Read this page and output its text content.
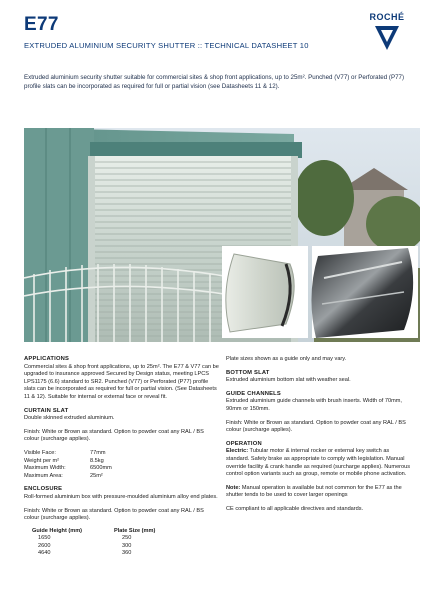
E77
EXTRUDED ALUMINIUM SECURITY SHUTTER :: TECHNICAL DATASHEET 10
ROCHÉ
Extruded aluminium security shutter suitable for commercial sites & shop front applications, up to 25m². Punched (V77) or Perforated (P77) profile slats can be incorporated as required for full or partial vision (see Datasheets 11 & 12).
APPLICATIONS

Commercial sites & shop front applications, up to 25m². The E77 & V77 can be upgraded to insurance approved Secured by Design status, meeting LPCS LPS1175 (6.6) standard to SR2. Punched (V77) or Perforated (P77) profile slats can be incorporated as required for full or partial vision. (See Datasheets 11 & 12). Suitable for internal or external face or reveal fit.

CURTAIN SLAT

Double skinned extruded aluminium.

Finish: White or Brown as standard. Option to powder coat any RAL / BS colour (surcharge applies).

Visible Face:	77mm
Weight per m²	8.5kg
Maximum Width:	6500mm
Maximum Area:	25m²
ENCLOSURE

Roll-formed aluminium box with pressure-moulded aluminium alloy end plates.

Finish: White or Brown as standard. Option to powder coat any RAL / BS colour (surcharge applies).

Guide Height (mm)	Plate Size (mm)
1650	250
2600	300
4640	360

Plate sizes shown as a guide only and may vary.

BOTTOM SLAT

Extruded aluminium bottom slat with weather seal.

GUIDE CHANNELS

Extruded aluminium guide channels with brush inserts. Width of 70mm, 90mm or 150mm.

Finish: White or Brown as standard. Option to powder coat any RAL / BS colour (surcharge applies).

OPERATION

Electric: Tubular motor & internal rocker or external key switch as standard. Safety brake as appropriate to comply with legislation. Manual override facility & crank handle as required (surcharge applies). Numerous control option variants such as group, remote or mobile phone activation.

Note: Manual operation is available but not common for the E77 as the shutter tends to be used to cover larger openings

CE compliant to all applicable directives and standards.
